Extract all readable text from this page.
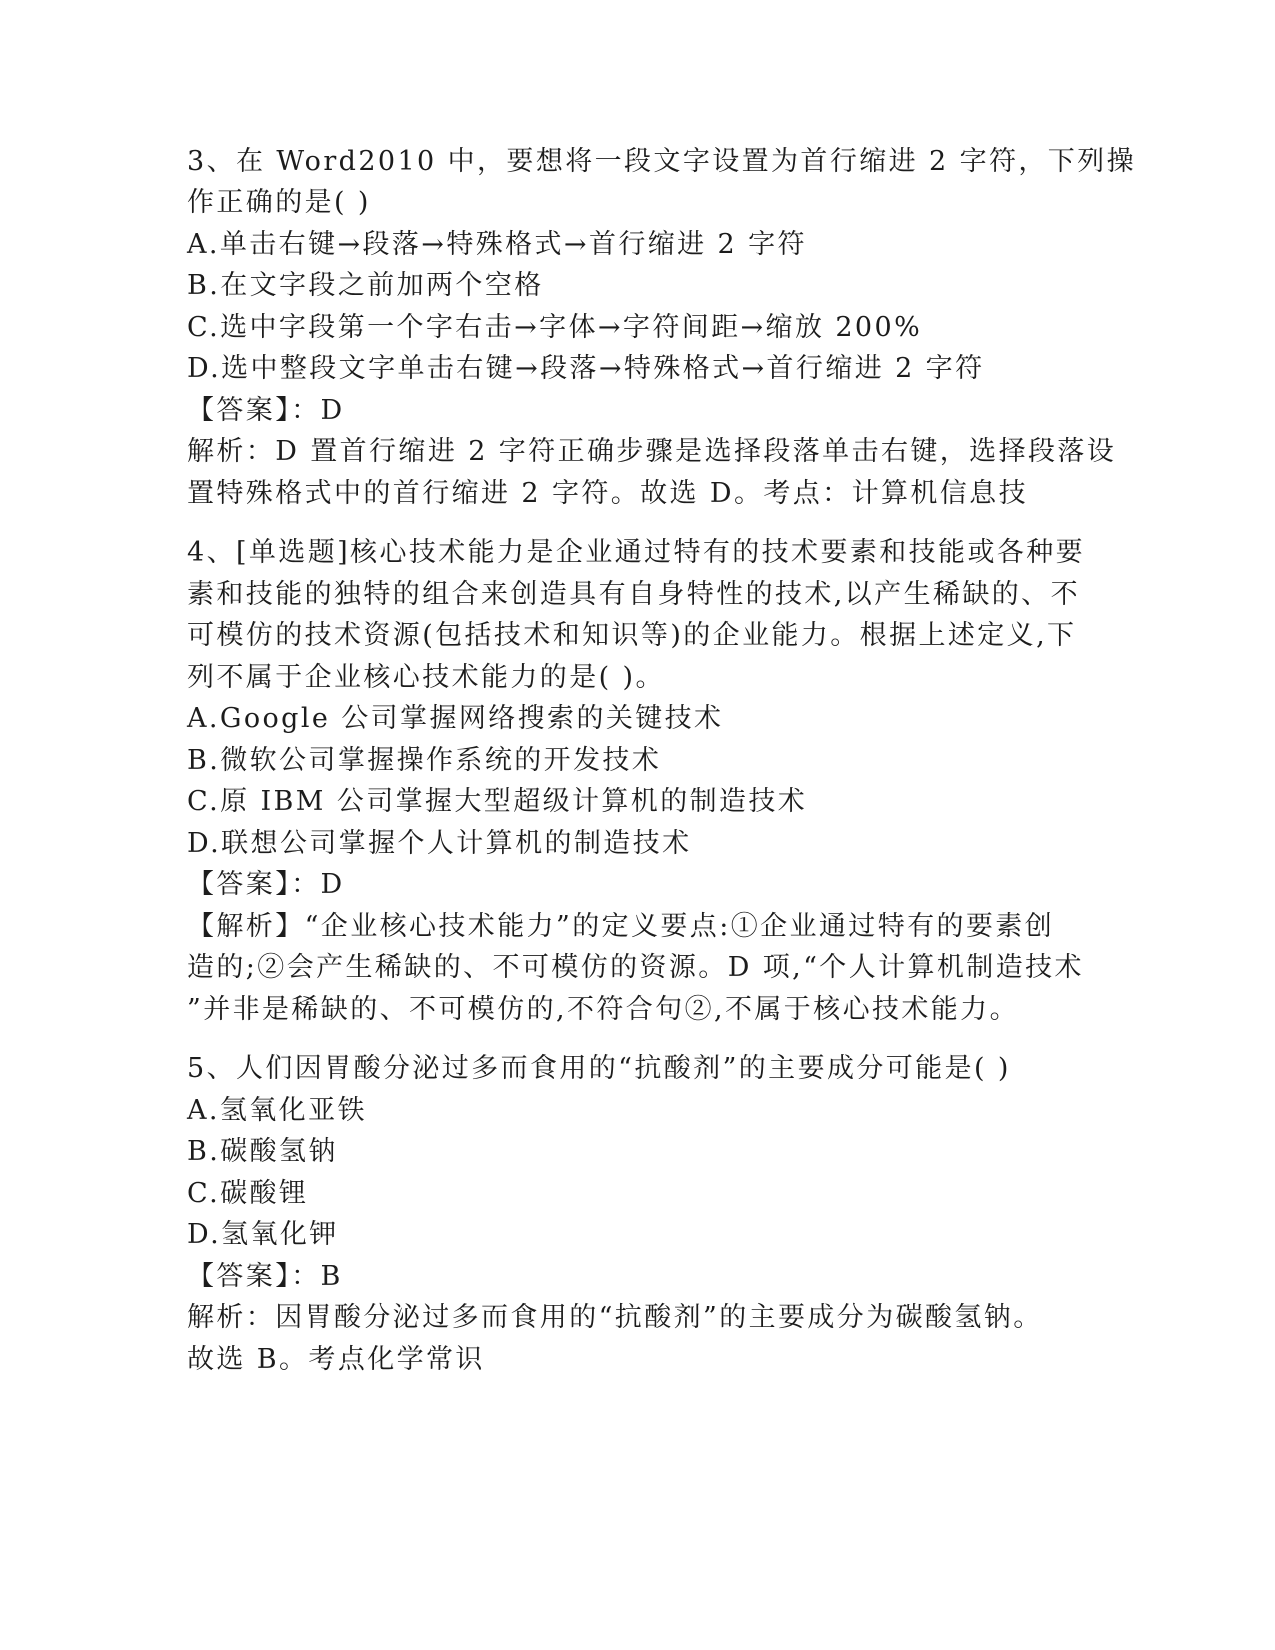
3、在 Word2010 中，要想将一段文字设置为首行缩进 2 字符，下列操
作正确的是( )
A.单击右键→段落→特殊格式→首行缩进 2 字符
B.在文字段之前加两个空格
C.选中字段第一个字右击→字体→字符间距→缩放 200%
D.选中整段文字单击右键→段落→特殊格式→首行缩进 2 字符
【答案】：D
解析：D 置首行缩进 2 字符正确步骤是选择段落单击右键，选择段落设
置特殊格式中的首行缩进 2 字符。故选 D。考点：计算机信息技
4、[单选题]核心技术能力是企业通过特有的技术要素和技能或各种要
素和技能的独特的组合来创造具有自身特性的技术,以产生稀缺的、不
可模仿的技术资源(包括技术和知识等)的企业能力。根据上述定义,下
列不属于企业核心技术能力的是( )。
A.Google 公司掌握网络搜索的关键技术
B.微软公司掌握操作系统的开发技术
C.原 IBM 公司掌握大型超级计算机的制造技术
D.联想公司掌握个人计算机的制造技术
【答案】：D
【解析】“企业核心技术能力”的定义要点:①企业通过特有的要素创
造的;②会产生稀缺的、不可模仿的资源。D 项,“个人计算机制造技术
”并非是稀缺的、不可模仿的,不符合句②,不属于核心技术能力。
5、人们因胃酸分泌过多而食用的“抗酸剂”的主要成分可能是( )
A.氢氧化亚铁
B.碳酸氢钠
C.碳酸锂
D.氢氧化钾
【答案】：B
解析：因胃酸分泌过多而食用的“抗酸剂”的主要成分为碳酸氢钠。
故选 B。考点化学常识
